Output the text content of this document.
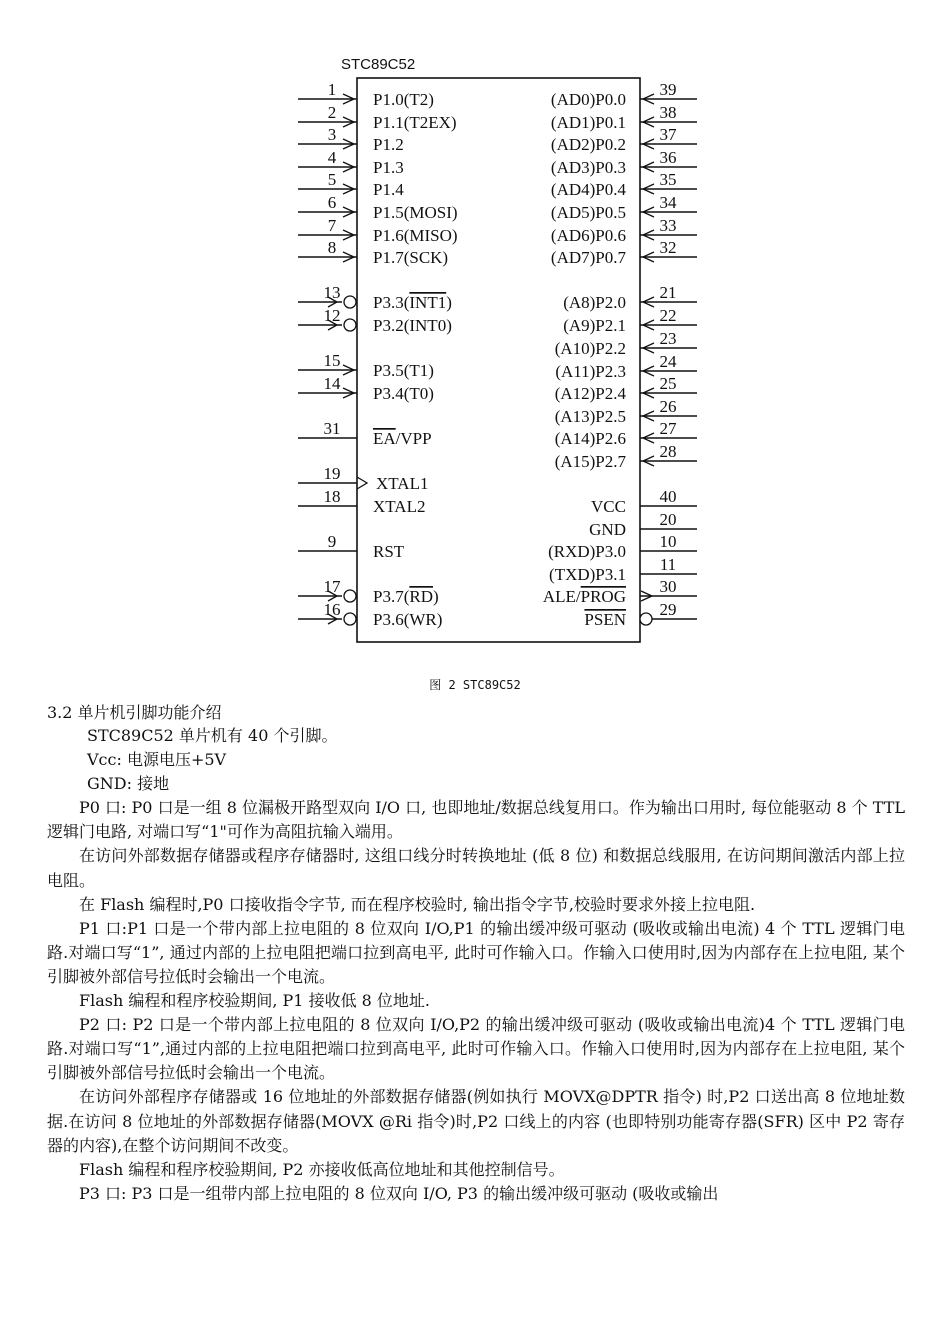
STC89C52
1
P1.0(T2)
2
P1.1(T2EX)
3
P1.2
4
P1.3
5
P1.4
6
P1.5(MOSI)
7
P1.6(MISO)
8
P1.7(SCK)
13
P3.3(INT1)
12
P3.2(INT0)
15
P3.5(T1)
14
P3.4(T0)
31
EA/VPP
19
XTAL1
18
XTAL2
9
RST
17
P3.7(RD)
16
P3.6(WR)
39
(AD0)P0.0
38
(AD1)P0.1
37
(AD2)P0.2
36
(AD3)P0.3
35
(AD4)P0.4
34
(AD5)P0.5
33
(AD6)P0.6
32
(AD7)P0.7
21
(A8)P2.0
22
(A9)P2.1
23
(A10)P2.2
24
(A11)P2.3
25
(A12)P2.4
26
(A13)P2.5
27
(A14)P2.6
28
(A15)P2.7
40
VCC
20
GND
10
(RXD)P3.0
11
(TXD)P3.1
30
ALE/PROG
29
PSEN
图 2 STC89C52
3.2 单片机引脚功能介绍

STC89C52 单片机有 40 个引脚。

Vcc: 电源电压+5V

GND: 接地

P0 口: P0 口是一组 8 位漏极开路型双向 I/O 口, 也即地址/数据总线复用口。作为输出口用时, 每位能驱动 8 个 TTL 逻辑门电路, 对端口写“1"可作为高阻抗输入端用。

在访问外部数据存储器或程序存储器时, 这组口线分时转换地址 (低 8 位) 和数据总线服用, 在访问期间激活内部上拉电阻。

在 Flash 编程时,P0 口接收指令字节, 而在程序校验时, 输出指令字节,校验时要求外接上拉电阻.

P1 口:P1 口是一个带内部上拉电阻的 8 位双向 I/O,P1 的输出缓冲级可驱动 (吸收或输出电流) 4 个 TTL 逻辑门电路.对端口写“1”, 通过内部的上拉电阻把端口拉到高电平, 此时可作输入口。作输入口使用时,因为内部存在上拉电阻, 某个引脚被外部信号拉低时会输出一个电流。

Flash 编程和程序校验期间, P1 接收低 8 位地址.

P2 口: P2 口是一个带内部上拉电阻的 8 位双向 I/O,P2 的输出缓冲级可驱动 (吸收或输出电流)4 个 TTL 逻辑门电路.对端口写“1”,通过内部的上拉电阻把端口拉到高电平, 此时可作输入口。作输入口使用时,因为内部存在上拉电阻, 某个引脚被外部信号拉低时会输出一个电流。

在访问外部程序存储器或 16 位地址的外部数据存储器(例如执行 MOVX@DPTR 指令) 时,P2 口送出高 8 位地址数据.在访问 8 位地址的外部数据存储器(MOVX @Ri 指令)时,P2 口线上的内容 (也即特别功能寄存器(SFR) 区中 P2 寄存器的内容),在整个访问期间不改变。

Flash 编程和程序校验期间, P2 亦接收低高位地址和其他控制信号。

P3 口: P3 口是一组带内部上拉电阻的 8 位双向 I/O, P3 的输出缓冲级可驱动 (吸收或输出
